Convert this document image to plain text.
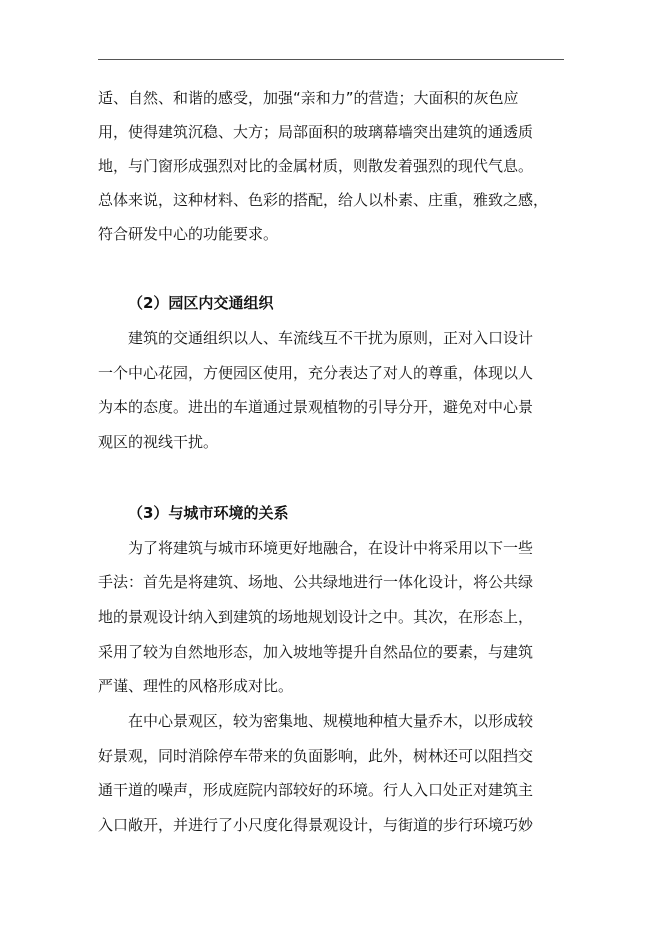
适、自然、和谐的感受，加强“亲和力”的营造；大面积的灰色应
用，使得建筑沉稳、大方；局部面积的玻璃幕墙突出建筑的通透质
地，与门窗形成强烈对比的金属材质，则散发着强烈的现代气息。
总体来说，这种材料、色彩的搭配，给人以朴素、庄重，雅致之感，
符合研发中心的功能要求。
（2）园区内交通组织
建筑的交通组织以人、车流线互不干扰为原则，正对入口设计
一个中心花园，方便园区使用，充分表达了对人的尊重，体现以人
为本的态度。进出的车道通过景观植物的引导分开，避免对中心景
观区的视线干扰。
（3）与城市环境的关系
为了将建筑与城市环境更好地融合，在设计中将采用以下一些
手法：首先是将建筑、场地、公共绿地进行一体化设计，将公共绿
地的景观设计纳入到建筑的场地规划设计之中。其次，在形态上，
采用了较为自然地形态，加入坡地等提升自然品位的要素，与建筑
严谨、理性的风格形成对比。
在中心景观区，较为密集地、规模地种植大量乔木，以形成较
好景观，同时消除停车带来的负面影响，此外，树林还可以阻挡交
通干道的噪声，形成庭院内部较好的环境。行人入口处正对建筑主
入口敞开，并进行了小尺度化得景观设计，与街道的步行环境巧妙
